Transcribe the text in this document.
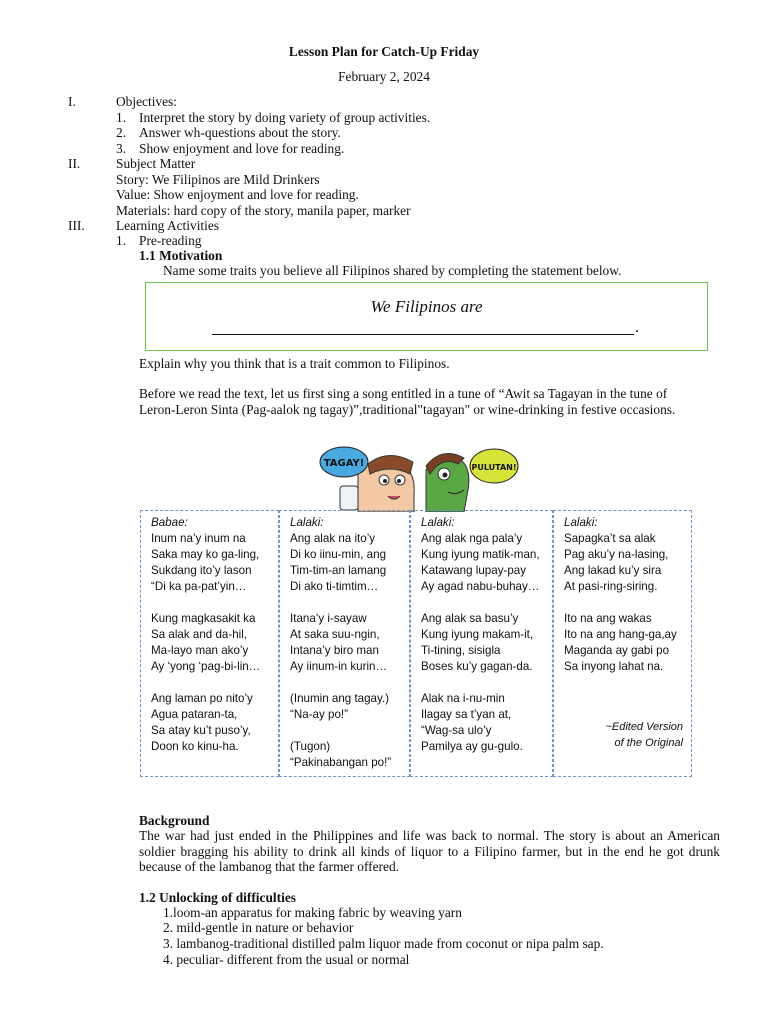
Lesson Plan for Catch-Up Friday
February 2, 2024
I.	Objectives:
1. Interpret the story by doing variety of group activities.
2. Answer wh-questions about the story.
3. Show enjoyment and love for reading.
II.	Subject Matter
Story: We Filipinos are Mild Drinkers
Value: Show enjoyment and love for reading.
Materials: hard copy of the story, manila paper, marker
III. Learning Activities
1. Pre-reading
1.1 Motivation
Name some traits you believe all Filipinos shared by completing the statement below.
We Filipinos are
.
Explain why you think that is a trait common to Filipinos.
Before we read the text, let us first sing a song entitled in a tune of “Awit sa Tagayan in the tune of
Leron-Leron Sinta (Pag-aalok ng tagay)”,traditional"tagayan" or wine-drinking in festive occasions.
TAGAY!	PULUTAN!
Babae:
Inum na’y inum na
Saka may ko ga-ling,
Sukdang ito’y lason
“Di ka pa-pat’yin…
Kung magkasakit ka
Sa alak and da-hil,
Ma-layo man ako’y
Ay ‘yong ‘pag-bi-lin…
Ang laman po nito’y
Agua pataran-ta,
Sa atay ku’t puso’y,
Doon ko kinu-ha.
Lalaki:
Ang alak na ito’y
Di ko iinu-min, ang
Tim-tim-an lamang
Di ako ti-timtim…
Itana’y i-sayaw
At saka suu-ngin,
Intana’y biro man
Ay iinum-in kurin…
(Inumin ang tagay.)
“Na-ay po!”
(Tugon)
“Pakinabangan po!”
Lalaki:
Ang alak nga pala’y
Kung iyung matik-man,
Katawang lupay-pay
Ay agad nabu-buhay…
Ang alak sa basu’y
Kung iyung makam-it,
Ti-tining, sisigla
Boses ku’y gagan-da.
Alak na i-nu-min
Ilagay sa t’yan at,
“Wag-sa ulo’y
Pamilya ay gu-gulo.
Lalaki:
Sapagka’t sa alak
Pag aku’y na-lasing,
Ang lakad ku’y sira
At pasi-ring-siring.
Ito na ang wakas
Ito na ang hang-ga,ay
Maganda ay gabi po
Sa inyong lahat na.
~Edited Version
of the Original
Background
The war had just ended in the Philippines and life was back to normal. The story is about an American soldier bragging his ability to drink all kinds of liquor to a Filipino farmer, but in the end he got drunk because of the lambanog that the farmer offered.
1.2 Unlocking of difficulties
1.loom-an apparatus for making fabric by weaving yarn
2. mild-gentle in nature or behavior
3. lambanog-traditional distilled palm liquor made from coconut or nipa palm sap.
4. peculiar- different from the usual or normal
